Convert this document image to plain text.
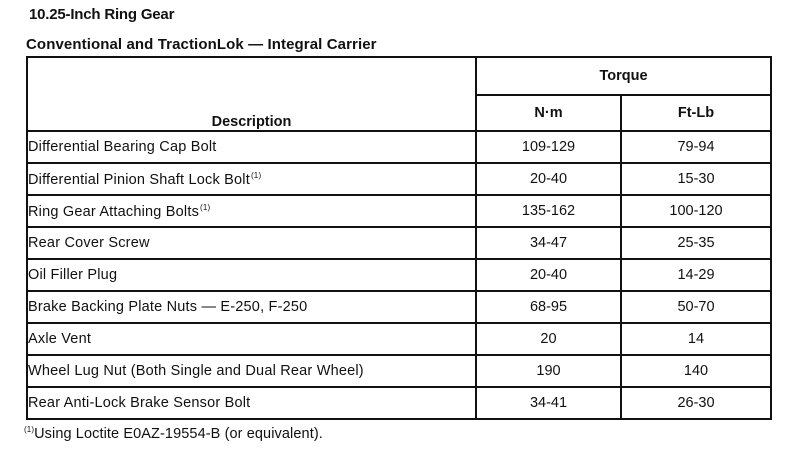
10.25-Inch Ring Gear
Conventional and TractionLok — Integral Carrier
Description	Torque	
	N·m	Ft-Lb
Differential Bearing Cap Bolt	109-129	79-94
Differential Pinion Shaft Lock Bolt$^{(1)}$	20-40	15-30
Ring Gear Attaching Bolts$^{(1)}$	135-162	100-120
Rear Cover Screw	34-47	25-35
Oil Filler Plug	20-40	14-29
Brake Backing Plate Nuts — E-250, F-250	68-95	50-70
Axle Vent	20	14
Wheel Lug Nut (Both Single and Dual Rear Wheel)	190	140
Rear Anti-Lock Brake Sensor Bolt	34-41	26-30
$^{(1)}$Using Loctite E0AZ-19554-B (or equivalent).
